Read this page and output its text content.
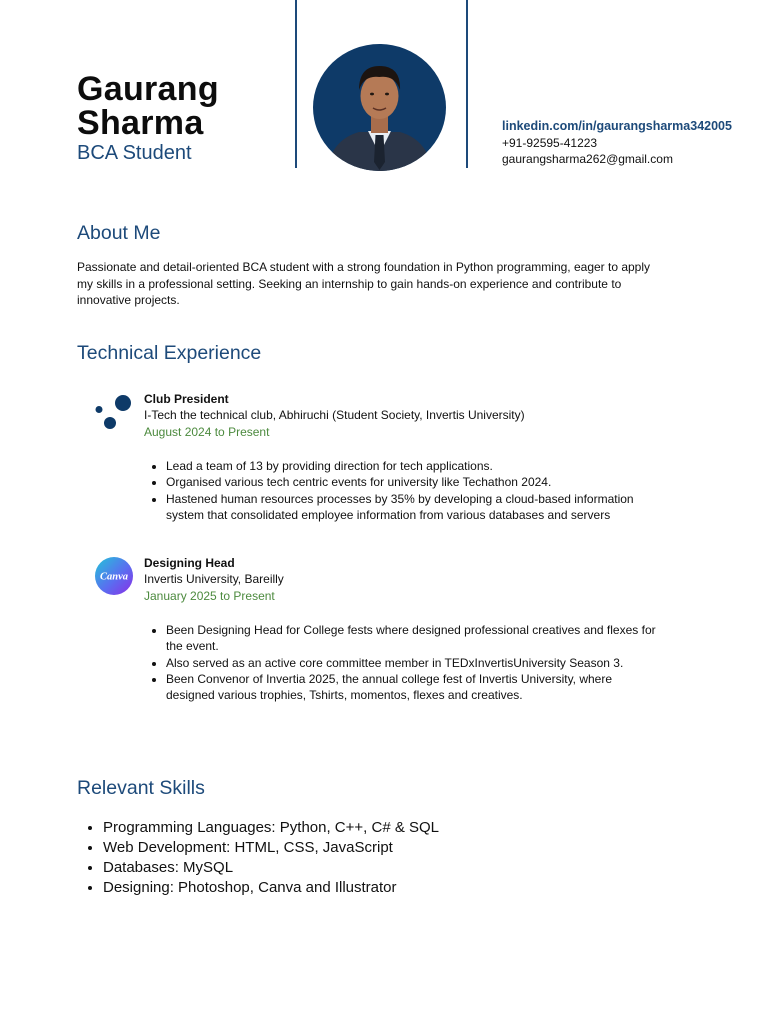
Gaurang
Sharma
BCA Student
linkedin.com/in/gaurangsharma342005
+91-92595-41223
gaurangsharma262@gmail.com
About Me

Passionate and detail-oriented BCA student with a strong foundation in Python programming, eager to apply my skills in a professional setting. Seeking an internship to gain hands-on experience and contribute to innovative projects.

Technical Experience
Club President
I-Tech the technical club, Abhiruchi (Student Society, Invertis University)
August 2024 to Present
• Lead a team of 13 by providing direction for tech applications.
• Organised various tech centric events for university like Techathon 2024.
• Hastened human resources processes by 35% by developing a cloud-based information system that consolidated employee information from various databases and servers
Canva
Designing Head
Invertis University, Bareilly
January 2025 to Present
• Been Designing Head for College fests where designed professional creatives and flexes for the event.
• Also served as an active core committee member in TEDxInvertisUniversity Season 3.
• Been Convenor of Invertia 2025, the annual college fest of Invertis University, where designed various trophies, Tshirts, momentos, flexes and creatives.
Relevant Skills
• Programming Languages: Python, C++, C# & SQL
• Web Development: HTML, CSS, JavaScript
• Databases: MySQL
• Designing: Photoshop, Canva and Illustrator
